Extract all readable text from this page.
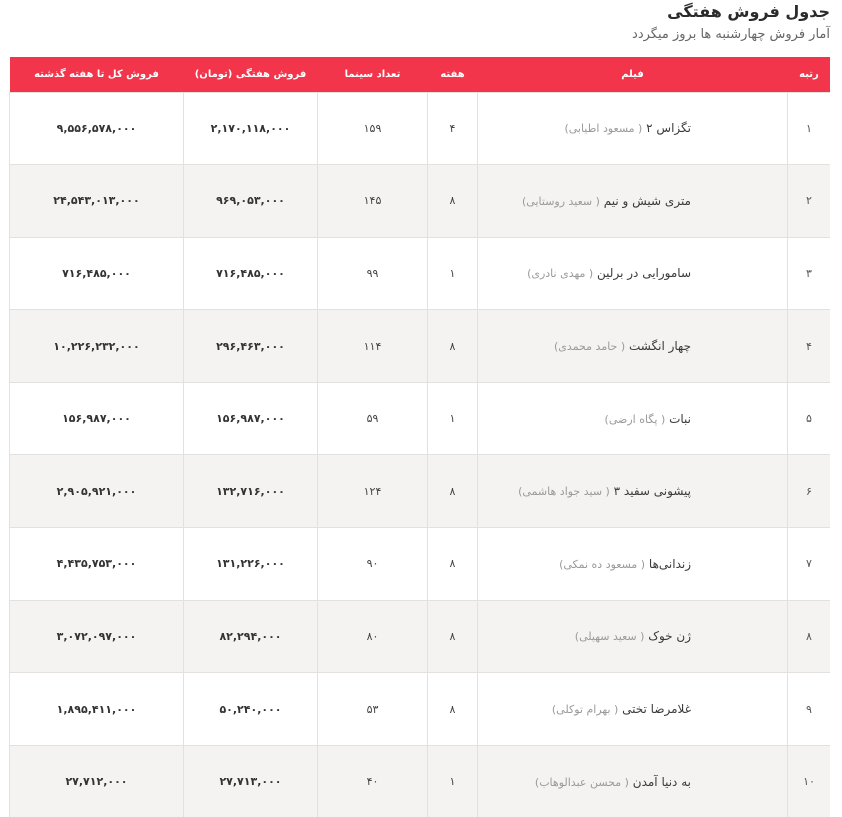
جدول فروش هفتگی
آمار فروش چهارشنبه ها بروز میگردد
رتبه	فیلم	هفته	تعداد سینما	فروش هفتگی (تومان)	فروش کل تا هفته گذشته
۱	تگزاس ۲ ( مسعود اطیابی)	۴	۱۵۹	۲,۱۷۰,۱۱۸,۰۰۰	۹,۵۵۶,۵۷۸,۰۰۰
۲	متری شیش و نیم ( سعید روستایی)	۸	۱۴۵	۹۶۹,۰۵۳,۰۰۰	۲۴,۵۴۳,۰۱۳,۰۰۰
۳	سامورایی در برلین ( مهدی نادری)	۱	۹۹	۷۱۶,۴۸۵,۰۰۰	۷۱۶,۴۸۵,۰۰۰
۴	چهار انگشت ( حامد محمدی)	۸	۱۱۴	۲۹۶,۴۶۳,۰۰۰	۱۰,۲۲۶,۲۳۲,۰۰۰
۵	نبات ( پگاه ارضی)	۱	۵۹	۱۵۶,۹۸۷,۰۰۰	۱۵۶,۹۸۷,۰۰۰
۶	پیشونی سفید ۳ ( سید جواد هاشمی)	۸	۱۲۴	۱۳۲,۷۱۶,۰۰۰	۲,۹۰۵,۹۲۱,۰۰۰
۷	زندانی‌ها ( مسعود ده نمکی)	۸	۹۰	۱۳۱,۲۲۶,۰۰۰	۴,۴۳۵,۷۵۳,۰۰۰
۸	ژن خوک ( سعید سهیلی)	۸	۸۰	۸۲,۲۹۴,۰۰۰	۳,۰۷۲,۰۹۷,۰۰۰
۹	غلامرضا تختی ( بهرام توکلی)	۸	۵۳	۵۰,۲۴۰,۰۰۰	۱,۸۹۵,۴۱۱,۰۰۰
۱۰	به دنیا آمدن ( محسن عبدالوهاب)	۱	۴۰	۲۷,۷۱۳,۰۰۰	۲۷,۷۱۲,۰۰۰
